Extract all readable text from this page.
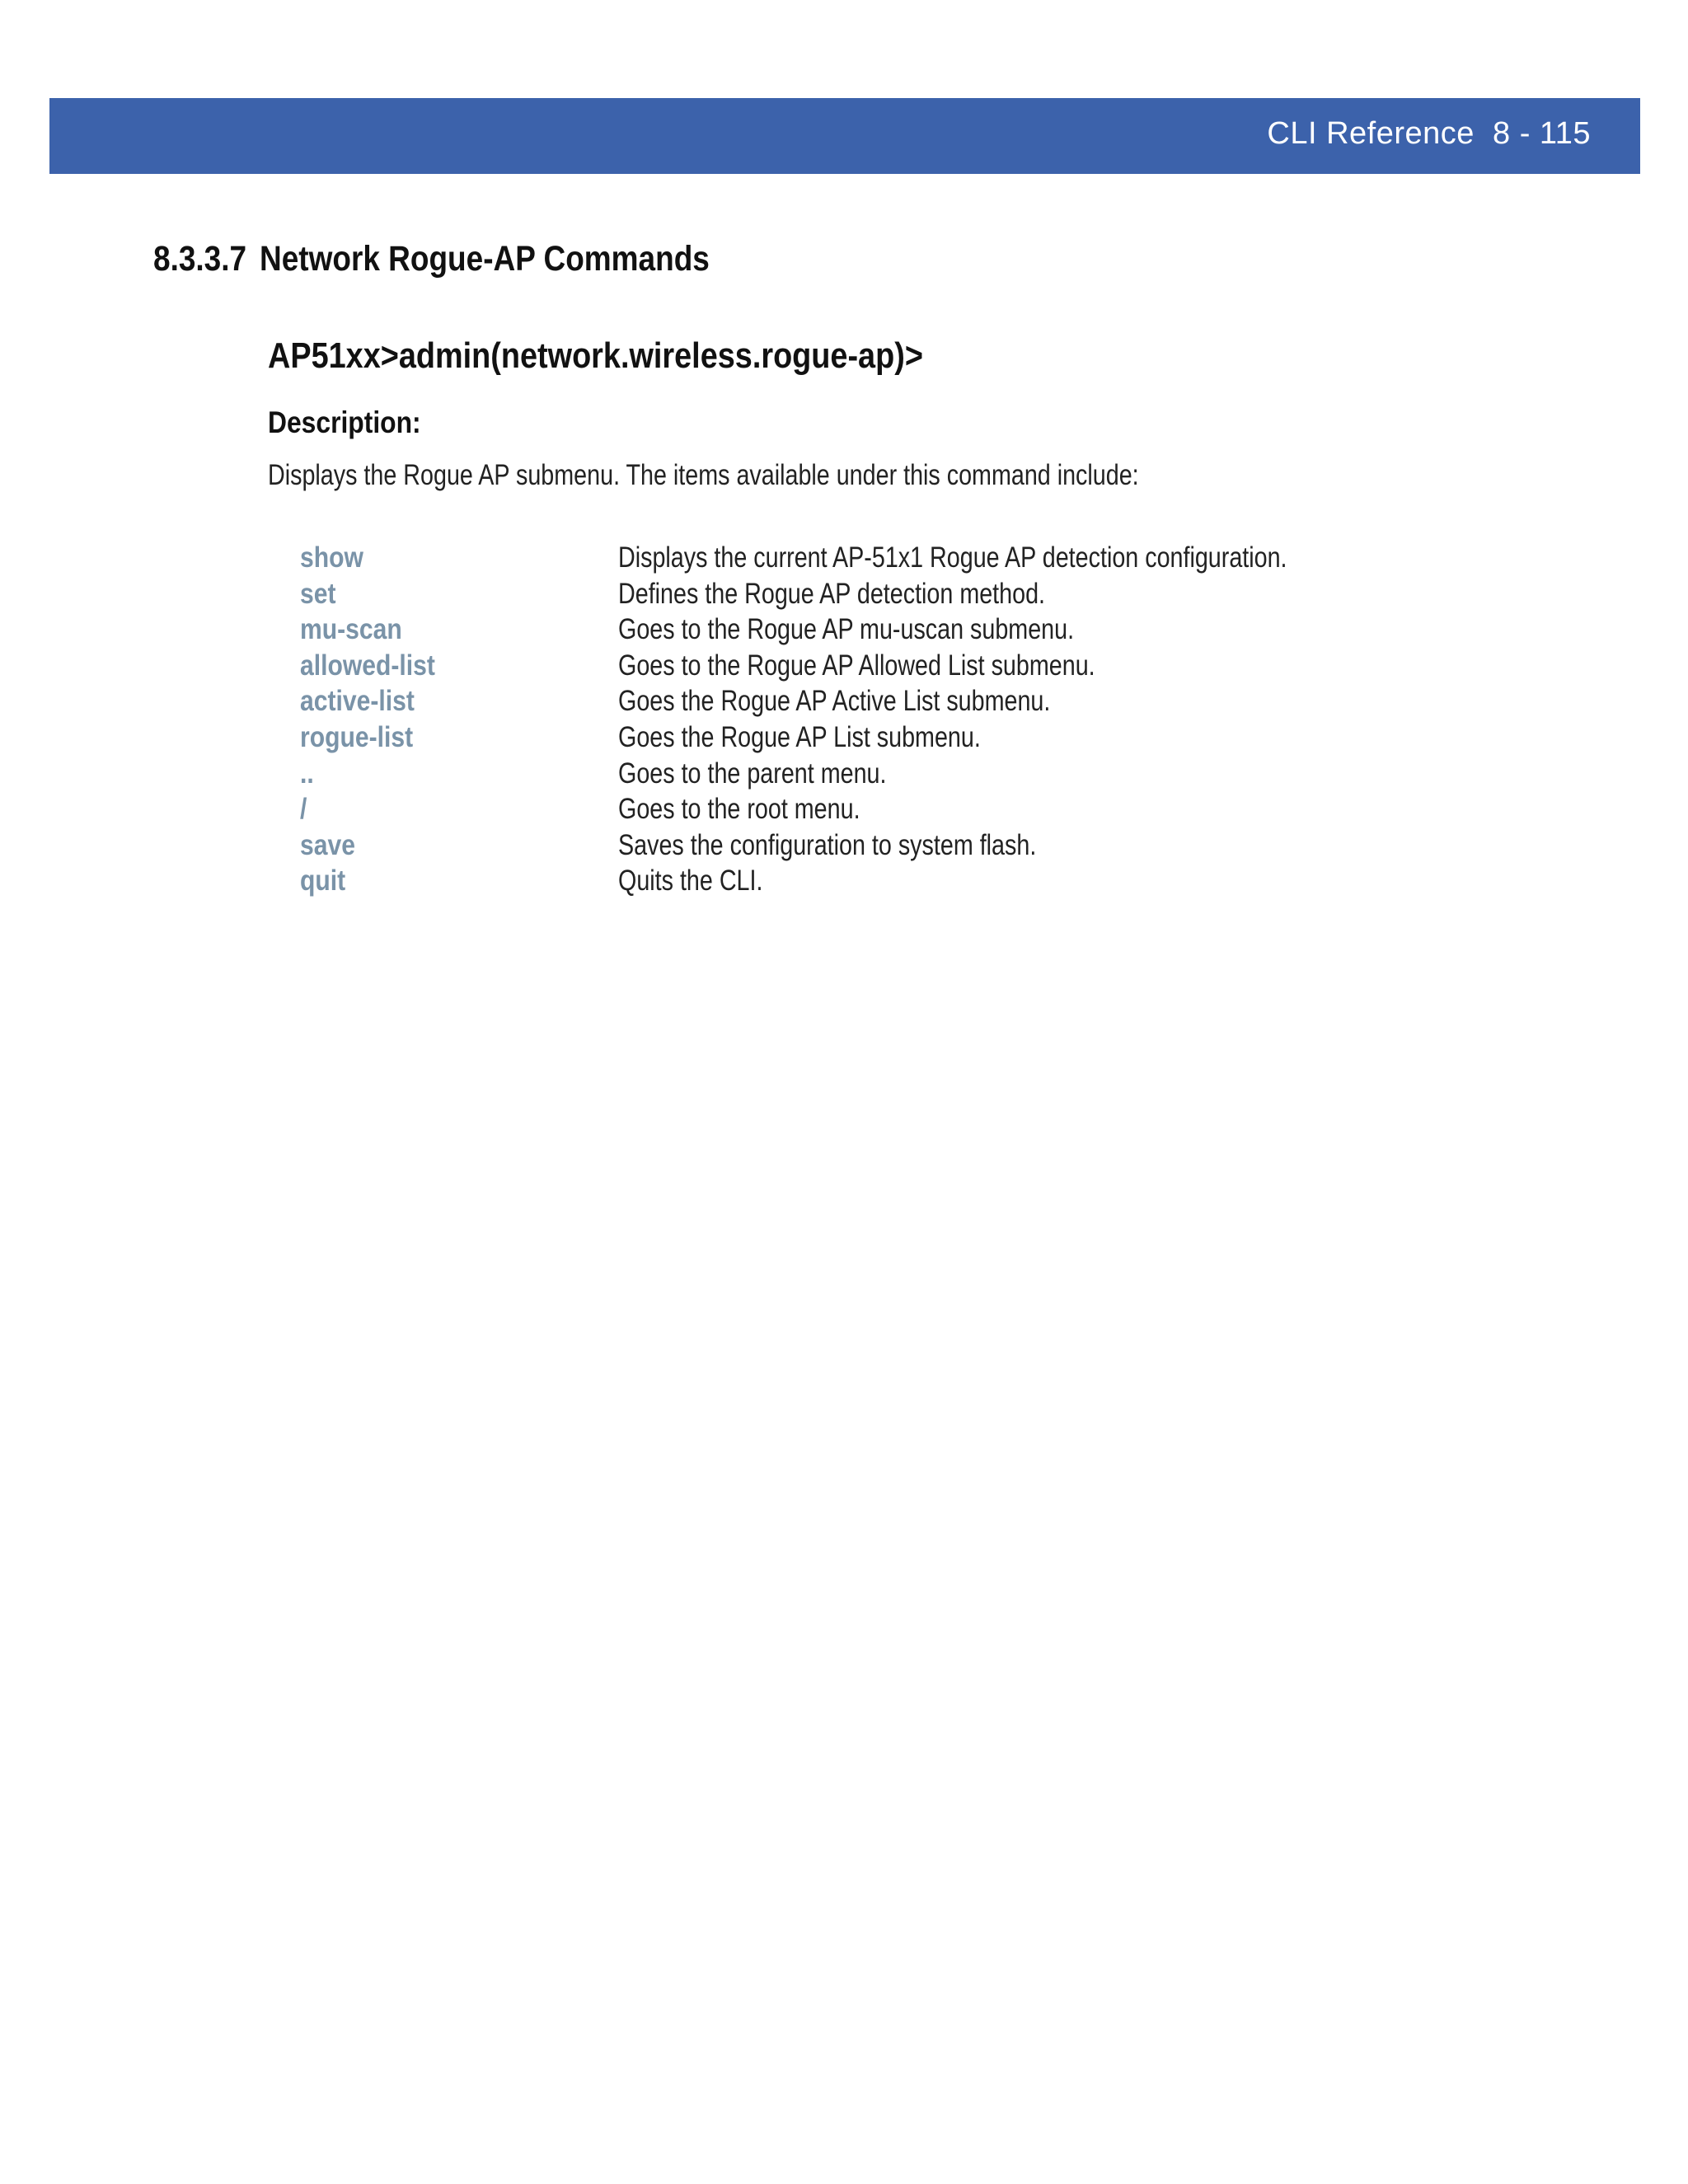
CLI Reference  8 - 115
8.3.3.7 Network Rogue-AP Commands
AP51xx>admin(network.wireless.rogue-ap)>
Description:
Displays the Rogue AP submenu. The items available under this command include:
show	Displays the current AP-51x1 Rogue AP detection configuration.
set	Defines the Rogue AP detection method.
mu-scan	Goes to the Rogue AP mu-uscan submenu.
allowed-list	Goes to the Rogue AP Allowed List submenu.
active-list	Goes the Rogue AP Active List submenu.
rogue-list	Goes the Rogue AP List submenu.
..	Goes to the parent menu.
/	Goes to the root menu.
save	Saves the configuration to system flash.
quit	Quits the CLI.
